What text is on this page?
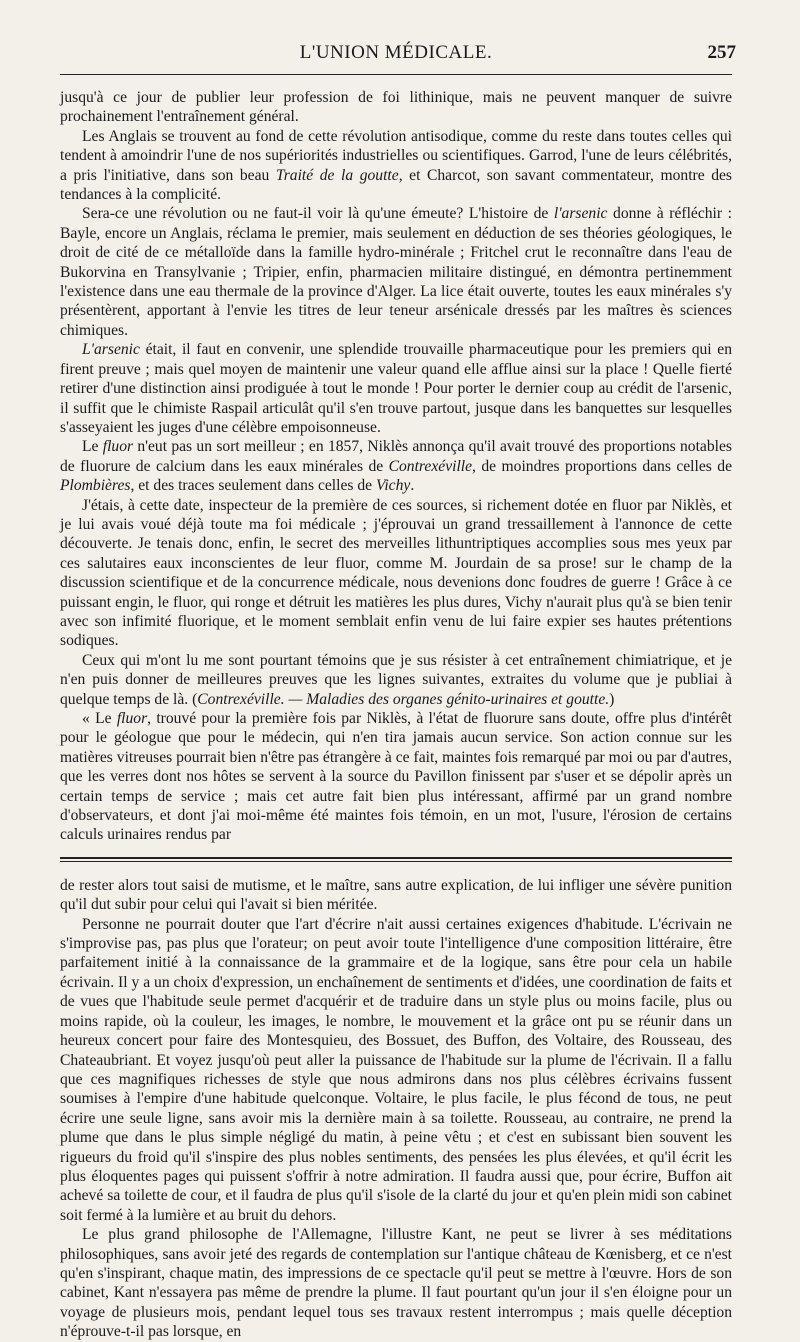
L'UNION MÉDICALE.	257

jusqu'à ce jour de publier leur profession de foi lithinique, mais ne peuvent manquer de suivre prochainement l'entraînement général.

Les Anglais se trouvent au fond de cette révolution antisodique, comme du reste dans toutes celles qui tendent à amoindrir l'une de nos supériorités industrielles ou scientifiques. Garrod, l'une de leurs célébrités, a pris l'initiative, dans son beau Traité de la goutte, et Charcot, son savant commentateur, montre des tendances à la complicité.

Sera-ce une révolution ou ne faut-il voir là qu'une émeute? L'histoire de l'arsenic donne à réfléchir : Bayle, encore un Anglais, réclama le premier, mais seulement en déduction de ses théories géologiques, le droit de cité de ce métalloïde dans la famille hydro-minérale ; Fritchel crut le reconnaître dans l'eau de Bukorvina en Transylvanie ; Tripier, enfin, pharmacien militaire distingué, en démontra pertinemment l'existence dans une eau thermale de la province d'Alger. La lice était ouverte, toutes les eaux minérales s'y présentèrent, apportant à l'envie les titres de leur teneur arsénicale dressés par les maîtres ès sciences chimiques.

L'arsenic était, il faut en convenir, une splendide trouvaille pharmaceutique pour les premiers qui en firent preuve ; mais quel moyen de maintenir une valeur quand elle afflue ainsi sur la place ! Quelle fierté retirer d'une distinction ainsi prodiguée à tout le monde ! Pour porter le dernier coup au crédit de l'arsenic, il suffit que le chimiste Raspail articulât qu'il s'en trouve partout, jusque dans les banquettes sur lesquelles s'asseyaient les juges d'une célèbre empoisonneuse.

Le fluor n'eut pas un sort meilleur ; en 1857, Niklès annonça qu'il avait trouvé des proportions notables de fluorure de calcium dans les eaux minérales de Contrexéville, de moindres proportions dans celles de Plombières, et des traces seulement dans celles de Vichy.

J'étais, à cette date, inspecteur de la première de ces sources, si richement dotée en fluor par Niklès, et je lui avais voué déjà toute ma foi médicale ; j'éprouvai un grand tressaillement à l'annonce de cette découverte. Je tenais donc, enfin, le secret des merveilles lithuntriptiques accomplies sous mes yeux par ces salutaires eaux inconscientes de leur fluor, comme M. Jourdain de sa prose! sur le champ de la discussion scientifique et de la concurrence médicale, nous devenions donc foudres de guerre ! Grâce à ce puissant engin, le fluor, qui ronge et détruit les matières les plus dures, Vichy n'aurait plus qu'à se bien tenir avec son infimité fluorique, et le moment semblait enfin venu de lui faire expier ses hautes prétentions sodiques.

Ceux qui m'ont lu me sont pourtant témoins que je sus résister à cet entraînement chimiatrique, et je n'en puis donner de meilleures preuves que les lignes suivantes, extraites du volume que je publiai à quelque temps de là. (Contrexéville. — Maladies des organes génito-urinaires et goutte.)

« Le fluor, trouvé pour la première fois par Niklès, à l'état de fluorure sans doute, offre plus d'intérêt pour le géologue que pour le médecin, qui n'en tira jamais aucun service. Son action connue sur les matières vitreuses pourrait bien n'être pas étrangère à ce fait, maintes fois remarqué par moi ou par d'autres, que les verres dont nos hôtes se servent à la source du Pavillon finissent par s'user et se dépolir après un certain temps de service ; mais cet autre fait bien plus intéressant, affirmé par un grand nombre d'observateurs, et dont j'ai moi-même été maintes fois témoin, en un mot, l'usure, l'érosion de certains calculs urinaires rendus par

de rester alors tout saisi de mutisme, et le maître, sans autre explication, de lui infliger une sévère punition qu'il dut subir pour celui qui l'avait si bien méritée.

Personne ne pourrait douter que l'art d'écrire n'ait aussi certaines exigences d'habitude. L'écrivain ne s'improvise pas, pas plus que l'orateur; on peut avoir toute l'intelligence d'une composition littéraire, être parfaitement initié à la connaissance de la grammaire et de la logique, sans être pour cela un habile écrivain. Il y a un choix d'expression, un enchaînement de sentiments et d'idées, une coordination de faits et de vues que l'habitude seule permet d'acquérir et de traduire dans un style plus ou moins facile, plus ou moins rapide, où la couleur, les images, le nombre, le mouvement et la grâce ont pu se réunir dans un heureux concert pour faire des Montesquieu, des Bossuet, des Buffon, des Voltaire, des Rousseau, des Chateaubriant. Et voyez jusqu'où peut aller la puissance de l'habitude sur la plume de l'écrivain. Il a fallu que ces magnifiques richesses de style que nous admirons dans nos plus célèbres écrivains fussent soumises à l'empire d'une habitude quelconque. Voltaire, le plus facile, le plus fécond de tous, ne peut écrire une seule ligne, sans avoir mis la dernière main à sa toilette. Rousseau, au contraire, ne prend la plume que dans le plus simple négligé du matin, à peine vêtu ; et c'est en subissant bien souvent les rigueurs du froid qu'il s'inspire des plus nobles sentiments, des pensées les plus élevées, et qu'il écrit les plus éloquentes pages qui puissent s'offrir à notre admiration. Il faudra aussi que, pour écrire, Buffon ait achevé sa toilette de cour, et il faudra de plus qu'il s'isole de la clarté du jour et qu'en plein midi son cabinet soit fermé à la lumière et au bruit du dehors.

Le plus grand philosophe de l'Allemagne, l'illustre Kant, ne peut se livrer à ses méditations philosophiques, sans avoir jeté des regards de contemplation sur l'antique château de Kœnisberg, et ce n'est qu'en s'inspirant, chaque matin, des impressions de ce spectacle qu'il peut se mettre à l'œuvre. Hors de son cabinet, Kant n'essayera pas même de prendre la plume. Il faut pourtant qu'un jour il s'en éloigne pour un voyage de plusieurs mois, pendant lequel tous ses travaux restent interrompus ; mais quelle déception n'éprouve-t-il pas lorsque, en
